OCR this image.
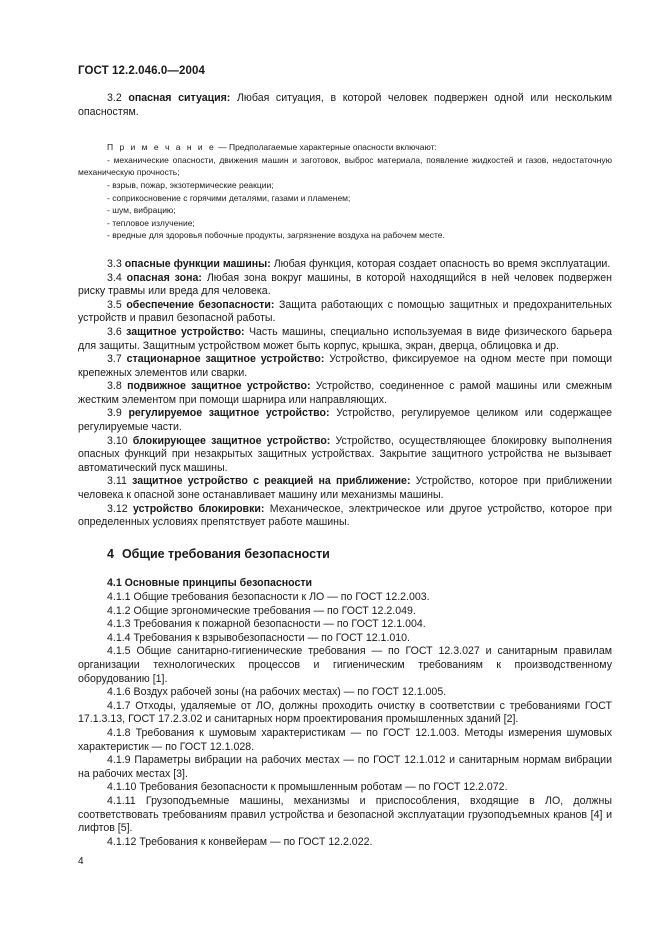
ГОСТ 12.2.046.0—2004

3.2 опасная ситуация: Любая ситуация, в которой человек подвержен одной или нескольким опасностям.

П р и м е ч а н и е — Предполагаемые характерные опасности включают:

- механические опасности, движения машин и заготовок, выброс материала, появление жидкостей и газов, недостаточную механическую прочность;

- взрыв, пожар, экзотермические реакции;

- соприкосновение с горячими деталями, газами и пламенем;

- шум, вибрацию;

- тепловое излучение;

- вредные для здоровья побочные продукты, загрязнение воздуха на рабочем месте.

3.3 опасные функции машины: Любая функция, которая создает опасность во время эксплуатации.

3.4 опасная зона: Любая зона вокруг машины, в которой находящийся в ней человек подвержен риску травмы или вреда для человека.

3.5 обеспечение безопасности: Защита работающих с помощью защитных и предохранительных устройств и правил безопасной работы.

3.6 защитное устройство: Часть машины, специально используемая в виде физического барьера для защиты. Защитным устройством может быть корпус, крышка, экран, дверца, облицовка и др.

3.7 стационарное защитное устройство: Устройство, фиксируемое на одном месте при помощи крепежных элементов или сварки.

3.8 подвижное защитное устройство: Устройство, соединенное с рамой машины или смежным жестким элементом при помощи шарнира или направляющих.

3.9 регулируемое защитное устройство: Устройство, регулируемое целиком или содержащее регулируемые части.

3.10 блокирующее защитное устройство: Устройство, осуществляющее блокировку выполнения опасных функций при незакрытых защитных устройствах. Закрытие защитного устройства не вызывает автоматический пуск машины.

3.11 защитное устройство с реакцией на приближение: Устройство, которое при приближении человека к опасной зоне останавливает машину или механизмы машины.

3.12 устройство блокировки: Механическое, электрическое или другое устройство, которое при определенных условиях препятствует работе машины.

4 Общие требования безопасности

4.1 Основные принципы безопасности

4.1.1 Общие требования безопасности к ЛО — по ГОСТ 12.2.003.

4.1.2 Общие эргономические требования — по ГОСТ 12.2.049.

4.1.3 Требования к пожарной безопасности — по ГОСТ 12.1.004.

4.1.4 Требования к взрывобезопасности — по ГОСТ 12.1.010.

4.1.5 Общие санитарно-гигиенические требования — по ГОСТ 12.3.027 и санитарным правилам организации технологических процессов и гигиеническим требованиям к производственному оборудованию [1].

4.1.6 Воздух рабочей зоны (на рабочих местах) — по ГОСТ 12.1.005.

4.1.7 Отходы, удаляемые от ЛО, должны проходить очистку в соответствии с требованиями ГОСТ 17.1.3.13, ГОСТ 17.2.3.02 и санитарных норм проектирования промышленных зданий [2].

4.1.8 Требования к шумовым характеристикам — по ГОСТ 12.1.003. Методы измерения шумовых характеристик — по ГОСТ 12.1.028.

4.1.9 Параметры вибрации на рабочих местах — по ГОСТ 12.1.012 и санитарным нормам вибрации на рабочих местах [3].

4.1.10 Требования безопасности к промышленным роботам — по ГОСТ 12.2.072.

4.1.11 Грузоподъемные машины, механизмы и приспособления, входящие в ЛО, должны соответствовать требованиям правил устройства и безопасной эксплуатации грузоподъемных кранов [4] и лифтов [5].

4.1.12 Требования к конвейерам — по ГОСТ 12.2.022.

4
